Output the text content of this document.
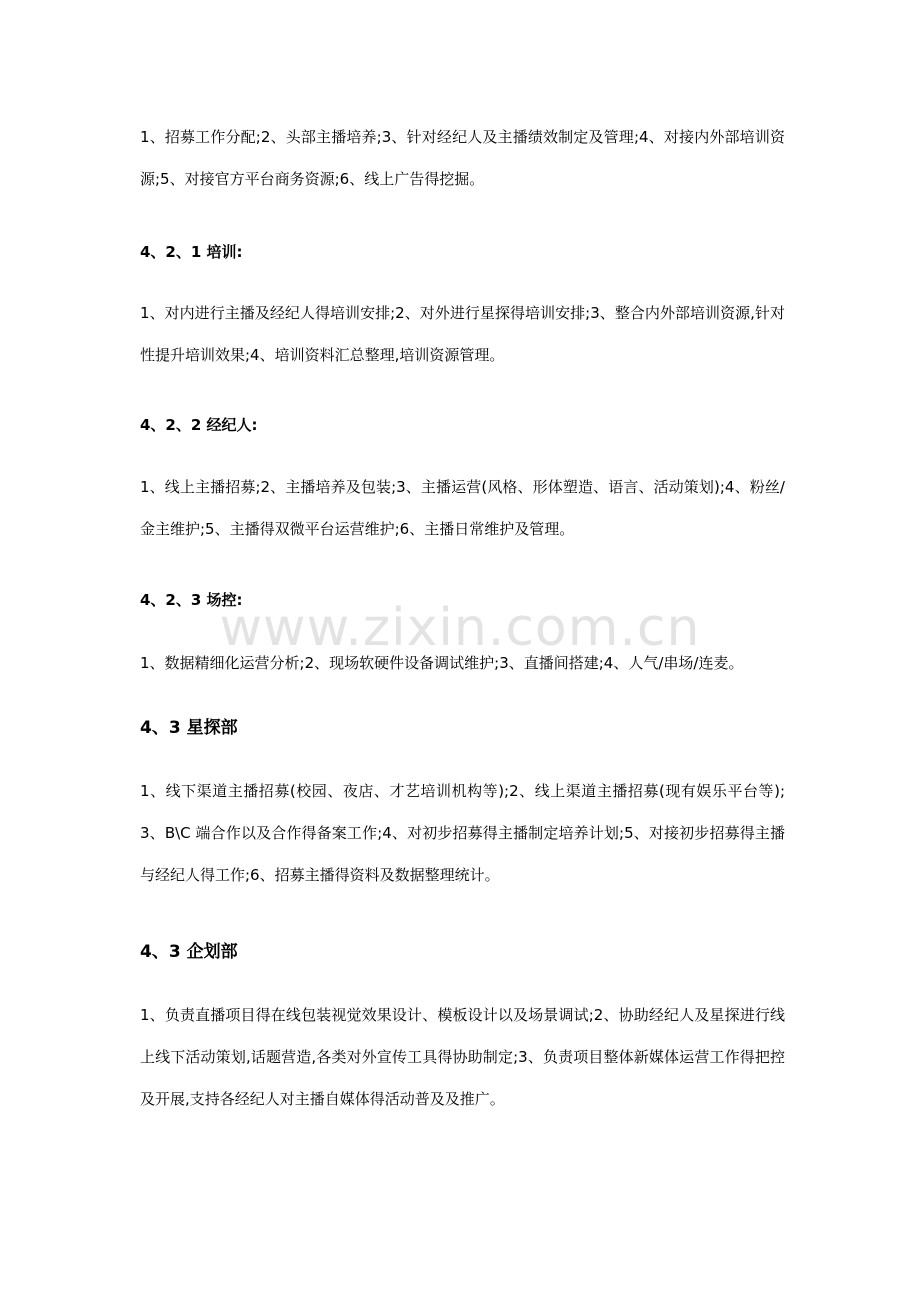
www.zixin.com.cn
1、招募工作分配;2、头部主播培养;3、针对经纪人及主播绩效制定及管理;4、对接内外部培训资源;5、对接官方平台商务资源;6、线上广告得挖掘。
4、2、1 培训:
1、对内进行主播及经纪人得培训安排;2、对外进行星探得培训安排;3、整合内外部培训资源,针对性提升培训效果;4、培训资料汇总整理,培训资源管理。
4、2、2 经纪人:
1、线上主播招募;2、主播培养及包装;3、主播运营(风格、形体塑造、语言、活动策划);4、粉丝/金主维护;5、主播得双微平台运营维护;6、主播日常维护及管理。
4、2、3 场控:
1、数据精细化运营分析;2、现场软硬件设备调试维护;3、直播间搭建;4、人气/串场/连麦。
4、3 星探部
1、线下渠道主播招募(校园、夜店、才艺培训机构等);2、线上渠道主播招募(现有娱乐平台等);3、B\C 端合作以及合作得备案工作;4、对初步招募得主播制定培养计划;5、对接初步招募得主播与经纪人得工作;6、招募主播得资料及数据整理统计。
4、3 企划部
1、负责直播项目得在线包装视觉效果设计、模板设计以及场景调试;2、协助经纪人及星探进行线上线下活动策划,话题营造,各类对外宣传工具得协助制定;3、负责项目整体新媒体运营工作得把控及开展,支持各经纪人对主播自媒体得活动普及及推广。
